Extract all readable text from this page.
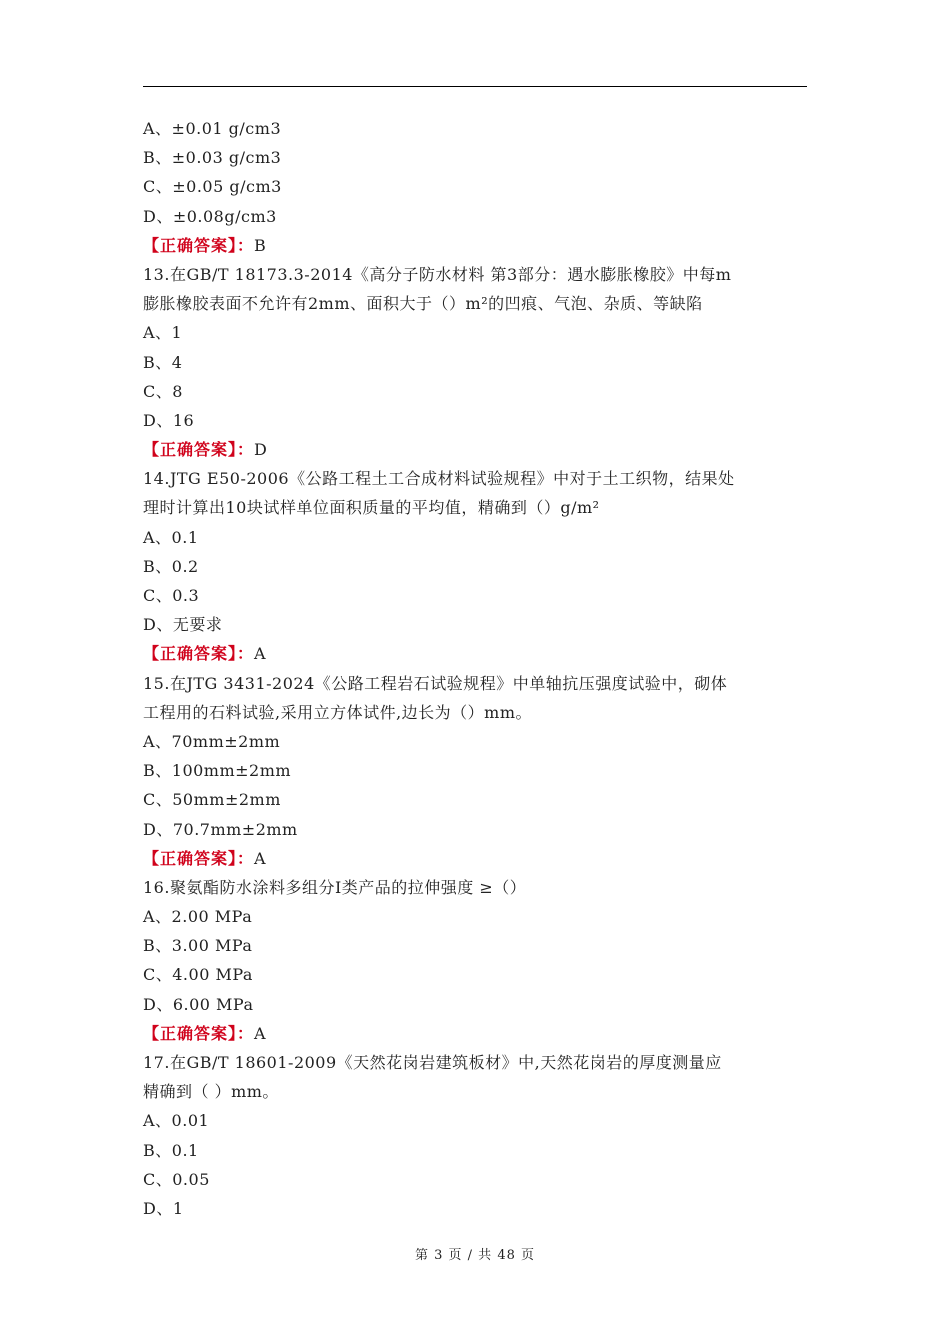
A、±0.01 g/cm3
B、±0.03 g/cm3
C、±0.05 g/cm3
D、±0.08g/cm3
【正确答案】：B
13.在GB/T 18173.3-2014《高分子防水材料 第3部分：遇水膨胀橡胶》中每m
膨胀橡胶表面不允许有2mm、面积大于（）m²的凹痕、气泡、杂质、等缺陷
A、1
B、4
C、8
D、16
【正确答案】：D
14.JTG E50-2006《公路工程土工合成材料试验规程》中对于土工织物，结果处
理时计算出10块试样单位面积质量的平均值，精确到（）g/m²
A、0.1
B、0.2
C、0.3
D、无要求
【正确答案】：A
15.在JTG 3431-2024《公路工程岩石试验规程》中单轴抗压强度试验中，砌体
工程用的石料试验,采用立方体试件,边长为（）mm。
A、70mm±2mm
B、100mm±2mm
C、50mm±2mm
D、70.7mm±2mm
【正确答案】：A
16.聚氨酯防水涂料多组分Ⅰ类产品的拉伸强度 ≥（）
A、2.00 MPa
B、3.00 MPa
C、4.00 MPa
D、6.00 MPa
【正确答案】：A
17.在GB/T 18601-2009《天然花岗岩建筑板材》中,天然花岗岩的厚度测量应
精确到（ ）mm。
A、0.01
B、0.1
C、0.05
D、1
第 3 页 / 共 48 页
